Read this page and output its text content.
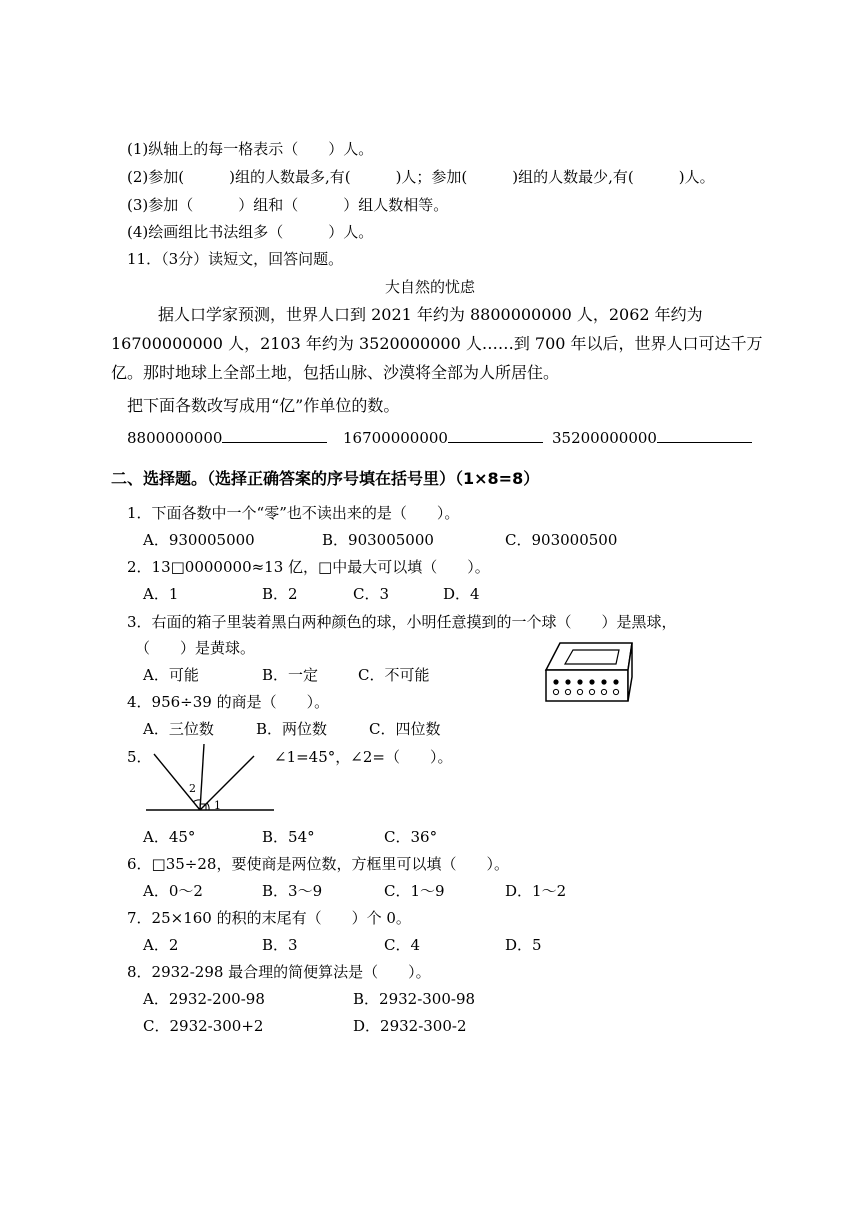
(1)纵轴上的每一格表示（　　）人。
(2)参加(　　　)组的人数最多,有(　　　)人；参加(　　　)组的人数最少,有(　　　)人。
(3)参加（　　　）组和（　　　）组人数相等。
(4)绘画组比书法组多（　　　）人。
11．（3分）读短文，回答问题。
大自然的忧虑
据人口学家预测，世界人口到 2021 年约为 8800000000 人，2062 年约为
16700000000 人，2103 年约为 3520000000 人……到 700 年以后，世界人口可达千万
亿。那时地球上全部土地，包括山脉、沙漠将全部为人所居住。
把下面各数改写成用“亿”作单位的数。
8800000000	16700000000	35200000000
二、选择题。（选择正确答案的序号填在括号里）（1×8=8）
1．下面各数中一个“零”也不读出来的是（　　）。
A．930005000	B．903005000	C．903000500
2．13□0000000≈13 亿，□中最大可以填（　　）。
A．1	B．2	C．3	D．4
3．右面的箱子里装着黑白两种颜色的球，小明任意摸到的一个球（　　）是黑球，
（　　）是黄球。
A．可能	B．一定	C．不可能
4．956÷39 的商是（　　）。
A．三位数	B．两位数	C．四位数
5．	∠1=45°，∠2=（　　）。
2
1
A．45°	B．54°	C．36°
6．□35÷28，要使商是两位数，方框里可以填（　　）。
A．0～2	B．3～9	C．1～9	D．1～2
7．25×160 的积的末尾有（　　）个 0。
A．2	B．3	C．4	D．5
8．2932-298 最合理的简便算法是（　　）。
A．2932-200-98	B．2932-300-98
C．2932-300+2	D．2932-300-2
